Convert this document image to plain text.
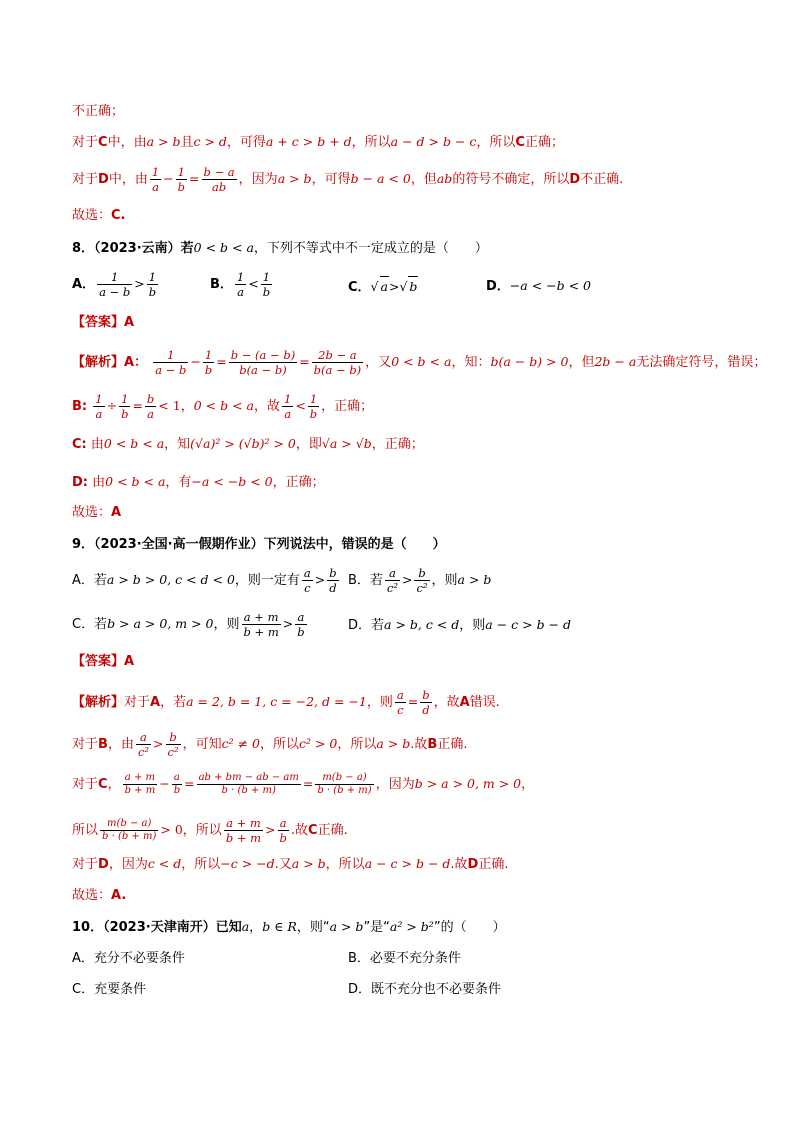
不正确；
对于C中，由a > b且c > d，可得a + c > b + d，所以a − d > b − c，所以C正确；
对于D中，由 $\frac{1}{a} - \frac{1}{b} = \frac{b - a}{ab}$ ，因为a > b，可得b − a < 0，但ab的符号不确定，所以D不正确.
故选：C.
8．（2023·云南）若0 < b < a，下列不等式中不一定成立的是（　　）
A． $\frac{1}{a - b} > \frac{1}{b}$	B． $\frac{1}{a} < \frac{1}{b}$	C．√ a>√ b	D．−a < −b < 0
【答案】A
【解析】A： $\frac{1}{a - b} - \frac{1}{b} = \frac{b - (a - b)}{b(a - b)} = \frac{2b - a}{b(a - b)}$ ，又0 < b < a，知：b(a − b) > 0，但2b − a无法确定符号，错误；
B: $\frac{1}{a} \div \frac{1}{b} = \frac{b}{a} < 1$，0 < b < a，故 $\frac{1}{a} < \frac{1}{b}$ ，正确；
C: 由0 < b < a，知(√a)² > (√b)² > 0，即√a > √b，正确；
D: 由0 < b < a，有−a < −b < 0，正确；
故选：A
9．（2023·全国·高一假期作业）下列说法中，错误的是（　　）
A．若a > b > 0, c < d < 0，则一定有 $\frac{a}{c} > \frac{b}{d}$ B．若 $\frac{a}{\text{c²}} > \frac{b}{\text{c²}}$ ，则a > b
C．若b > a > 0, m > 0，则 $\frac{a + m}{b + m} > \frac{a}{b}$	D．若a > b, c < d，则a − c > b − d
【答案】A
【解析】对于A，若a = 2, b = 1, c = −2, d = −1，则 $\frac{a}{c} = \frac{b}{d}$ ，故A错误.
对于B，由 $\frac{a}{\text{c²}} > \frac{b}{\text{c²}}$ ，可知c² ≠ 0，所以c² > 0，所以a > b.故B正确.
对于C， $\frac{a + m}{b + m} - \frac{a}{b} = \frac{ab + bm - ab - am}{b \cdot (b + m)} = \frac{m(b - a)}{b \cdot (b + m)}$ ，因为b > a > 0, m > 0，
所以 $\frac{m(b - a)}{b \cdot (b + m)} > 0$，所以 $\frac{a + m}{b + m} > \frac{a}{b}$ .故C正确.
对于D，因为c < d，所以−c > −d.又a > b，所以a − c > b − d.故D正确.
故选：A.
10．（2023·天津南开）已知a，b ∈ R，则“a > b”是“a² > b²”的（　　）
A．充分不必要条件	B．必要不充分条件
C．充要条件	D．既不充分也不必要条件
